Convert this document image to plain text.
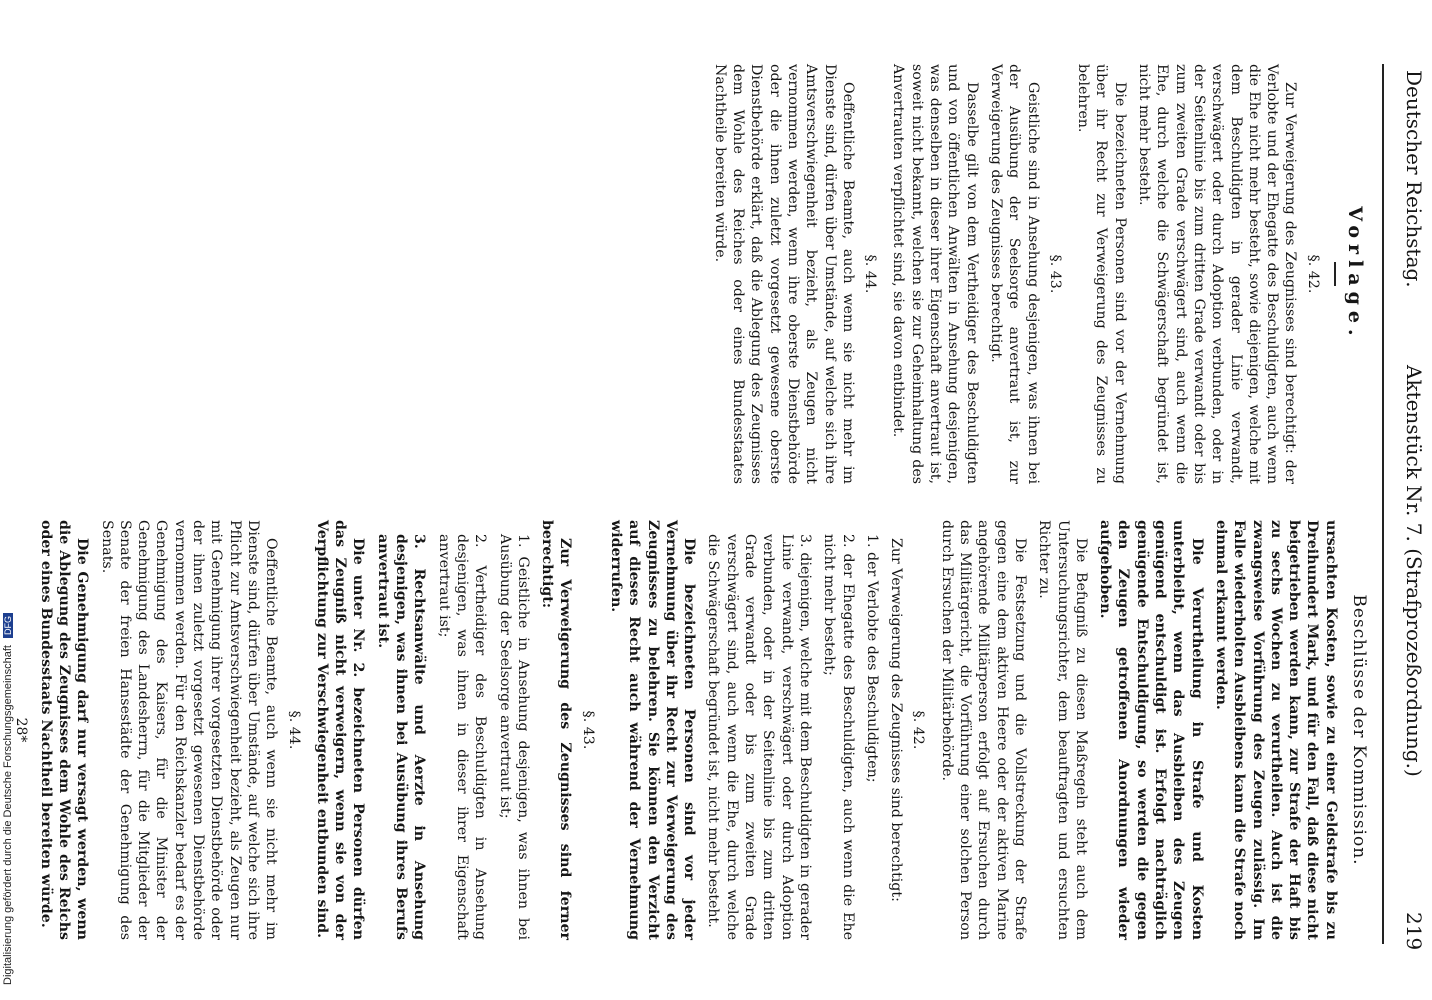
Deutscher Reichstag.
Aktenstück Nr. 7. (Strafprozeßordnung.)
219

Vorlage.

§. 42.

Zur Verweigerung des Zeugnisses sind berechtigt: der Verlobte und der Ehegatte des Beschuldigten, auch wenn die Ehe nicht mehr besteht, sowie diejenigen, welche mit dem Beschuldigten in gerader Linie verwandt, verschwägert oder durch Adoption verbunden, oder in der Seitenlinie bis zum dritten Grade verwandt oder bis zum zweiten Grade verschwägert sind, auch wenn die Ehe, durch welche die Schwägerschaft begründet ist, nicht mehr besteht.

Die bezeichneten Personen sind vor der Vernehmung über ihr Recht zur Verweigerung des Zeugnisses zu belehren.

§. 43.

Geistliche sind in Ansehung desjenigen, was ihnen bei der Ausübung der Seelsorge anvertraut ist, zur Verweigerung des Zeugnisses berechtigt.

Dasselbe gilt von dem Vertheidiger des Beschuldigten und von öffentlichen Anwälten in Ansehung desjenigen, was denselben in dieser ihrer Eigenschaft anvertraut ist, soweit nicht bekannt, welchen sie zur Geheimhaltung des Anvertrauten verpflichtet sind, sie davon entbindet.

§. 44.

Oeffentliche Beamte, auch wenn sie nicht mehr im Dienste sind, dürfen über Umstände, auf welche sich ihre Amtsverschwiegenheit bezieht, als Zeugen nicht vernommen werden, wenn ihre oberste Dienstbehörde oder die ihnen zuletzt vorgesetzt gewesene oberste Dienstbehörde erklärt, daß die Ablegung des Zeugnisses dem Wohle des Reiches oder eines Bundesstaates Nachtheile bereiten würde.

Beschlüsse der Kommission.

ursachten Kosten, sowie zu einer Geldstrafe bis zu Dreihundert Mark, und für den Fall, daß diese nicht beigetrieben werden kann, zur Strafe der Haft bis zu sechs Wochen zu verurtheilen. Auch ist die zwangsweise Vorführung des Zeugen zulässig. Im Falle wiederholten Ausbleibens kann die Strafe noch einmal erkannt werden.

Die Verurtheilung in Strafe und Kosten unterbleibt, wenn das Ausbleiben des Zeugen genügend entschuldigt ist. Erfolgt nachträglich genügende Entschuldigung, so werden die gegen den Zeugen getroffenen Anordnungen wieder aufgehoben.

Die Befugniß zu diesen Maßregeln steht auch dem Untersuchungsrichter, dem beauftragten und ersuchten Richter zu.

Die Festsetzung und die Vollstreckung der Strafe gegen eine dem aktiven Heere oder der aktiven Marine angehörende Militärperson erfolgt auf Ersuchen durch das Militärgericht, die Vorführung einer solchen Person durch Ersuchen der Militärbehörde.

§. 42.

Zur Verweigerung des Zeugnisses sind berechtigt:

1. der Verlobte des Beschuldigten;

2. der Ehegatte des Beschuldigten, auch wenn die Ehe nicht mehr besteht;

3. diejenigen, welche mit dem Beschuldigten in gerader Linie verwandt, verschwägert oder durch Adoption verbunden, oder in der Seitenlinie bis zum dritten Grade verwandt oder bis zum zweiten Grade verschwägert sind, auch wenn die Ehe, durch welche die Schwägerschaft begründet ist, nicht mehr besteht.

Die bezeichneten Personen sind vor jeder Vernehmung über ihr Recht zur Verweigerung des Zeugnisses zu belehren. Sie können den Verzicht auf dieses Recht auch während der Vernehmung widerrufen.

§. 43.

Zur Verweigerung des Zeugnisses sind ferner berechtigt:

1. Geistliche in Ansehung desjenigen, was ihnen bei Ausübung der Seelsorge anvertraut ist;

2. Vertheidiger des Beschuldigten in Ansehung desjenigen, was ihnen in dieser ihrer Eigenschaft anvertraut ist;

3. Rechtsanwälte und Aerzte in Ansehung desjenigen, was ihnen bei Ausübung ihres Berufs anvertraut ist.

Die unter Nr. 2. bezeichneten Personen dürfen das Zeugniß nicht verweigern, wenn sie von der Verpflichtung zur Verschwiegenheit entbunden sind.

§. 44.

Oeffentliche Beamte, auch wenn sie nicht mehr im Dienste sind, dürfen über Umstände, auf welche sich ihre Pflicht zur Amtsverschwiegenheit bezieht, als Zeugen nur mit Genehmigung ihrer vorgesetzten Dienstbehörde oder der ihnen zuletzt vorgesetzt gewesenen Dienstbehörde vernommen werden. Für den Reichskanzler bedarf es der Genehmigung des Kaisers, für die Minister der Genehmigung des Landesherrn, für die Mitglieder der Senate der freien Hansestädte der Genehmigung des Senats.

Die Genehmigung darf nur versagt werden, wenn die Ablegung des Zeugnisses dem Wohle des Reichs oder eines Bundesstaats Nachtheil bereiten würde.

28*

Digitalisierung gefördert durch die Deutsche Forschungsgemeinschaft DFG
